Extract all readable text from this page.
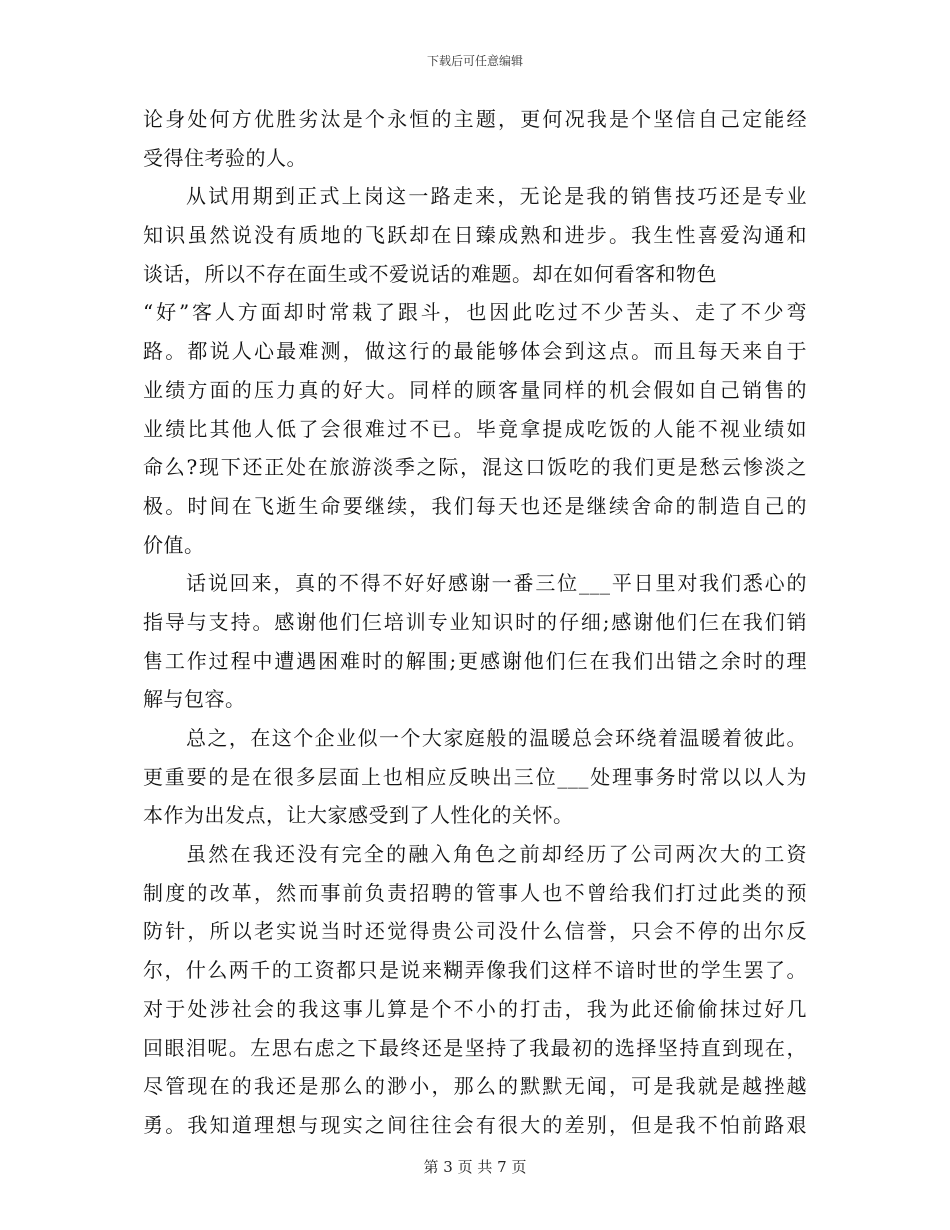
下载后可任意编辑
论身处何方优胜劣汰是个永恒的主题，更何况我是个坚信自己定能经
受得住考验的人。
从试用期到正式上岗这一路走来，无论是我的销售技巧还是专业
知识虽然说没有质地的飞跃却在日臻成熟和进步。我生性喜爱沟通和
谈话，所以不存在面生或不爱说话的难题。却在如何看客和物色
“好”客人方面却时常栽了跟斗，也因此吃过不少苦头、走了不少弯
路。都说人心最难测，做这行的最能够体会到这点。而且每天来自于
业绩方面的压力真的好大。同样的顾客量同样的机会假如自己销售的
业绩比其他人低了会很难过不已。毕竟拿提成吃饭的人能不视业绩如
命么?现下还正处在旅游淡季之际，混这口饭吃的我们更是愁云惨淡之
极。时间在飞逝生命要继续，我们每天也还是继续舍命的制造自己的
价值。
话说回来，真的不得不好好感谢一番三位___平日里对我们悉心的
指导与支持。感谢他们仨培训专业知识时的仔细;感谢他们仨在我们销
售工作过程中遭遇困难时的解围;更感谢他们仨在我们出错之余时的理
解与包容。
总之，在这个企业似一个大家庭般的温暖总会环绕着温暖着彼此。
更重要的是在很多层面上也相应反映出三位___处理事务时常以以人为
本作为出发点，让大家感受到了人性化的关怀。
虽然在我还没有完全的融入角色之前却经历了公司两次大的工资
制度的改革，然而事前负责招聘的管事人也不曾给我们打过此类的预
防针，所以老实说当时还觉得贵公司没什么信誉，只会不停的出尔反
尔，什么两千的工资都只是说来糊弄像我们这样不谙时世的学生罢了。
对于处涉社会的我这事儿算是个不小的打击，我为此还偷偷抹过好几
回眼泪呢。左思右虑之下最终还是坚持了我最初的选择坚持直到现在，
尽管现在的我还是那么的渺小，那么的默默无闻，可是我就是越挫越
勇。我知道理想与现实之间往往会有很大的差别，但是我不怕前路艰
第 3 页 共 7 页
